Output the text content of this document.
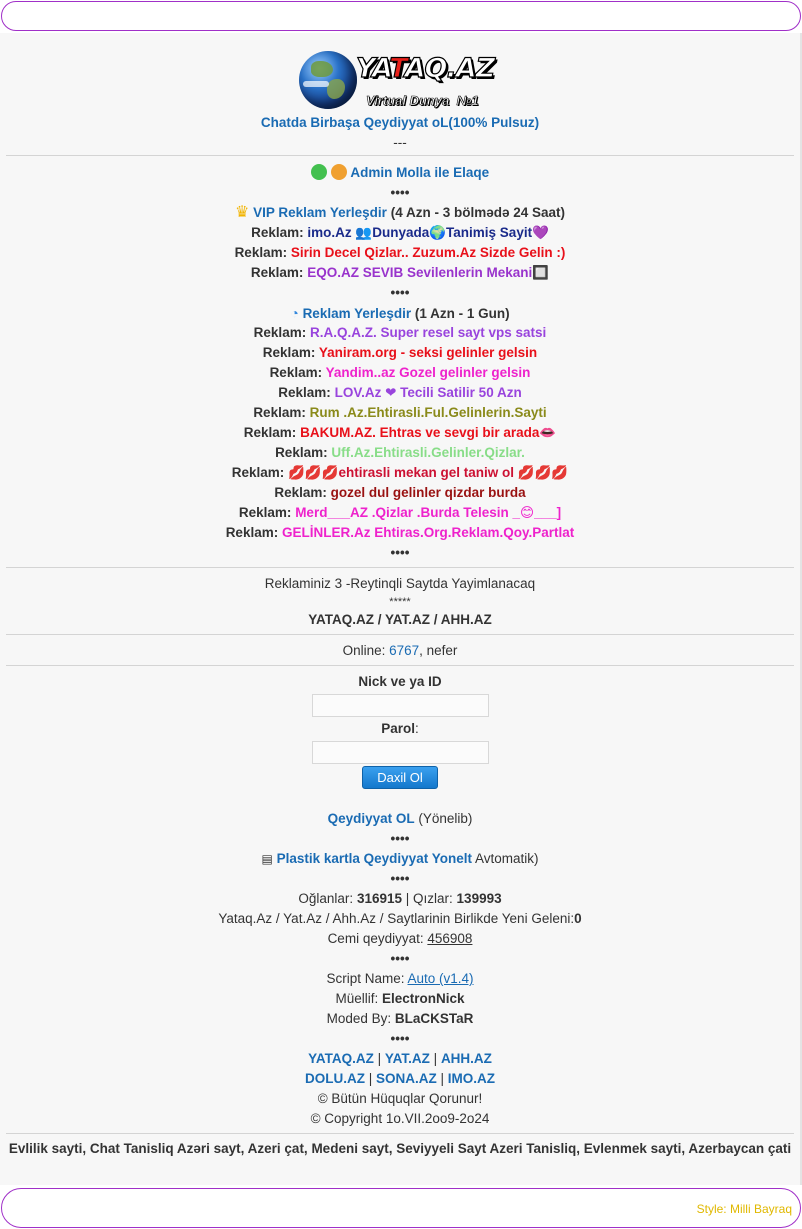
YATAQ.AZ
Virtual Dunya  №1
Chatda Birbaşa Qeydiyyat oL(100% Pulsuz)
---
Admin Molla ile Elaqe
••••
♛ VIP Reklam Yerleşdir (4 Azn - 3 bölmədə 24 Saat)
Reklam: imo.Az 👥Dunyada🌍Tanimiş Sayit💜
Reklam: Sirin Decel Qizlar.. Zuzum.Az Sizde Gelin :)
Reklam: EQO.AZ SEVIB Sevilenlerin Mekani🔲
••••
◔ Reklam Yerleşdir (1 Azn - 1 Gun)
Reklam: R.A.Q.A.Z. Super resel sayt vps satsi
Reklam: Yaniram.org - seksi gelinler gelsin
Reklam: Yandim..az Gozel gelinler gelsin
Reklam: LOV.Az ❤ Tecili Satilir 50 Azn
Reklam: Rum .Az.Ehtirasli.Ful.Gelinlerin.Sayti
Reklam: BAKUM.AZ. Ehtras ve sevgi bir arada👄
Reklam: Uff.Az.Ehtirasli.Gelinler.Qizlar.
Reklam: 💋💋💋ehtirasli mekan gel taniw ol 💋💋💋
Reklam: gozel dul gelinler qizdar burda
Reklam: Merd___AZ .Qizlar .Burda Telesin _😊___]
Reklam: GELİNLER.Az Ehtiras.Org.Reklam.Qoy.Partlat
••••
Reklaminiz 3 -Reytinqli Saytda Yayimlanacaq
*****
YATAQ.AZ / YAT.AZ / AHH.AZ
Online: 6767, nefer
Nick ve ya ID
Parol:
Daxil Ol
Qeydiyyat OL (Yönelib)
••••
▤ Plastik kartla Qeydiyyat Yonelt Avtomatik)
••••
Oğlanlar: 316915 | Qızlar: 139993
Yataq.Az / Yat.Az / Ahh.Az / Saytlarinin Birlikde Yeni Geleni:0
Cemi qeydiyyat: 456908
••••
Script Name: Auto (v1.4)
Müellif: ElectronNick
Moded By: BLaCKSTaR
••••
YATAQ.AZ | YAT.AZ | AHH.AZ
DOLU.AZ | SONA.AZ | IMO.AZ
© Bütün Hüquqlar Qorunur!
© Copyright 1o.VII.2oo9-2o24
Evlilik sayti, Chat Tanisliq Azəri sayt, Azeri çat, Medeni sayt, Seviyyeli Sayt Azeri Tanisliq, Evlenmek sayti, Azerbaycan çati
Style: Milli Bayraq
